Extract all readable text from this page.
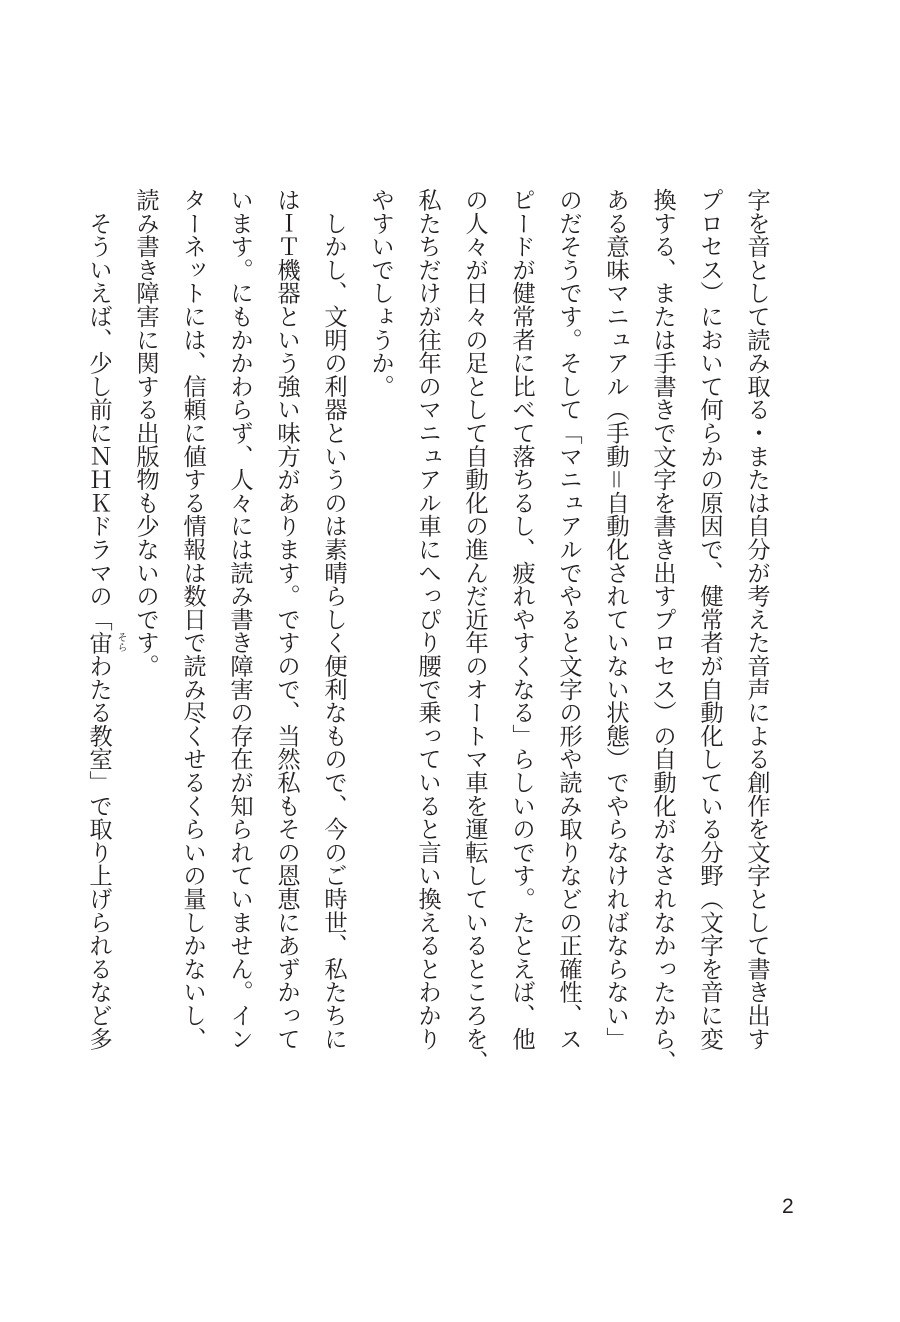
字を音として読み取る・または自分が考えた音声による創作を文字として書き出す
プロセス）において何らかの原因で、健常者が自動化している分野（文字を音に変
換する、または手書きで文字を書き出すプロセス）の自動化がなされなかったから、
ある意味マニュアル（手動＝自動化されていない状態）でやらなければならない」
のだそうです。そして「マニュアルでやると文字の形や読み取りなどの正確性、ス
ピードが健常者に比べて落ちるし、疲れやすくなる」らしいのです。たとえば、他
の人々が日々の足として自動化の進んだ近年のオートマ車を運転しているところを、
私たちだけが往年のマニュアル車にへっぴり腰で乗っていると言い換えるとわかり
やすいでしょうか。
　しかし、文明の利器というのは素晴らしく便利なもので、今のご時世、私たちに
はＩＴ機器という強い味方があります。ですので、当然私もその恩恵にあずかって
います。にもかかわらず、人々には読み書き障害の存在が知られていません。イン
ターネットには、信頼に値する情報は数日で読み尽くせるくらいの量しかないし、
読み書き障害に関する出版物も少ないのです。
　そういえば、少し前にＮＨＫドラマの「宙 そら
わたる教室」で取り上げられるなど多
2
